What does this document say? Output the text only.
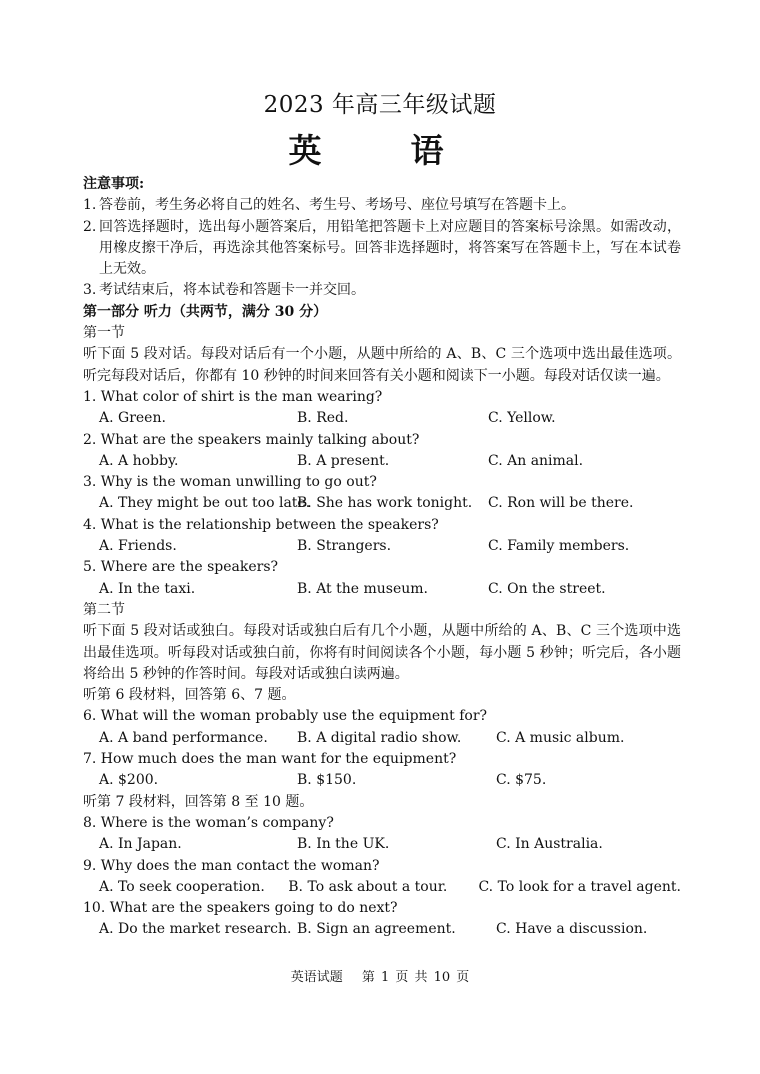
2023 年高三年级试题
英　语
注意事项:
1. 答卷前，考生务必将自己的姓名、考生号、考场号、座位号填写在答题卡上。
2. 回答选择题时，选出每小题答案后，用铅笔把答题卡上对应题目的答案标号涂黑。如需改动，用橡皮擦干净后，再选涂其他答案标号。回答非选择题时，将答案写在答题卡上，写在本试卷上无效。
3. 考试结束后，将本试卷和答题卡一并交回。
第一部分 听力（共两节，满分 30 分）
第一节
听下面 5 段对话。每段对话后有一个小题，从题中所给的 A、B、C 三个选项中选出最佳选项。听完每段对话后，你都有 10 秒钟的时间来回答有关小题和阅读下一小题。每段对话仅读一遍。
1. What color of shirt is the man wearing?
A. Green.	B. Red.	C. Yellow.
2. What are the speakers mainly talking about?
A. A hobby.	B. A present.	C. An animal.
3. Why is the woman unwilling to go out?
A. They might be out too late.
B. She has work tonight.	C. Ron will be there.
4. What is the relationship between the speakers?
A. Friends.	B. Strangers.	C. Family members.
5. Where are the speakers?
A. In the taxi.	B. At the museum.	C. On the street.
第二节
听下面 5 段对话或独白。每段对话或独白后有几个小题，从题中所给的 A、B、C 三个选项中选出最佳选项。听每段对话或独白前，你将有时间阅读各个小题，每小题 5 秒钟；听完后，各小题将给出 5 秒钟的作答时间。每段对话或独白读两遍。
听第 6 段材料，回答第 6、7 题。
6. What will the woman probably use the equipment for?
A. A band performance.	B. A digital radio show.	C. A music album.
7. How much does the man want for the equipment?
A. $200.	B. $150.	C. $75.
听第 7 段材料，回答第 8 至 10 题。
8. Where is the woman’s company?
A. In Japan.	B. In the UK.	C. In Australia.
9. Why does the man contact the woman?
A. To seek cooperation.	B. To ask about a tour.	C. To look for a travel agent.
10. What are the speakers going to do next?
A. Do the market research. B. Sign an agreement.	C. Have a discussion.
英语试题　 第 1 页 共 10 页
